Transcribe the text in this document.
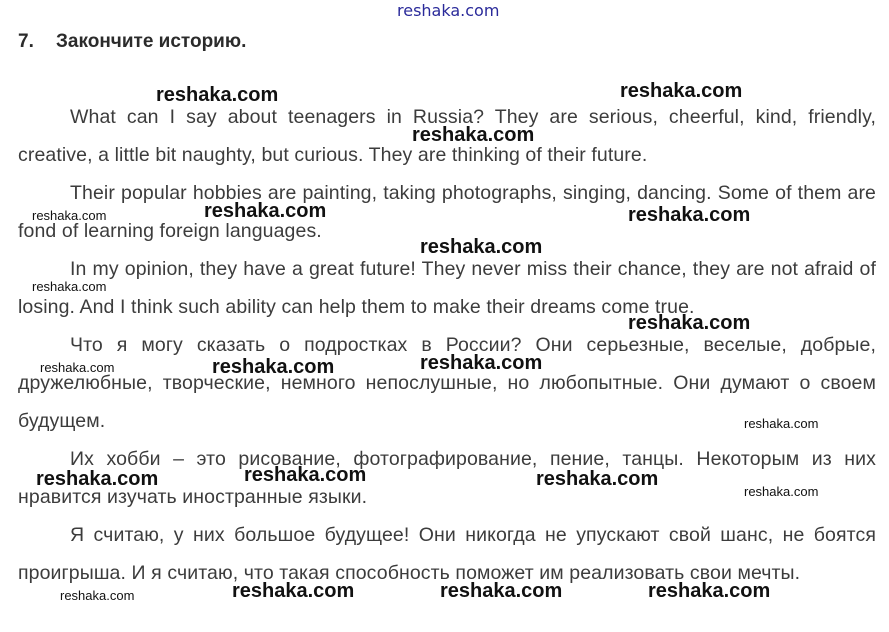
reshaka.com
7. Закончите историю.

What can I say about teenagers in Russia? They are serious, cheerful, kind, friendly, creative, a little bit naughty, but curious. They are thinking of their future.

Their popular hobbies are painting, taking photographs, singing, dancing. Some of them are fond of learning foreign languages.

In my opinion, they have a great future! They never miss their chance, they are not afraid of losing. And I think such ability can help them to make their dreams come true.

Что я могу сказать о подростках в России? Они серьезные, веселые, добрые, дружелюбные, творческие, немного непослушные, но любопытные. Они думают о своем будущем.

Их хобби – это рисование, фотографирование, пение, танцы. Некоторым из них нравится изучать иностранные языки.

Я считаю, у них большое будущее! Они никогда не упускают свой шанс, не боятся проигрыша. И я считаю, что такая способность поможет им реализовать свои мечты.

reshaka.com	reshaka.com
reshaka.com
reshaka.com	reshaka.com
reshaka.com
reshaka.com
reshaka.com
reshaka.com
reshaka.com
reshaka.com
reshaka.com
reshaka.com
reshaka.com
reshaka.com	reshaka.com
reshaka.com
reshaka.com	reshaka.com	reshaka.com
reshaka.com
